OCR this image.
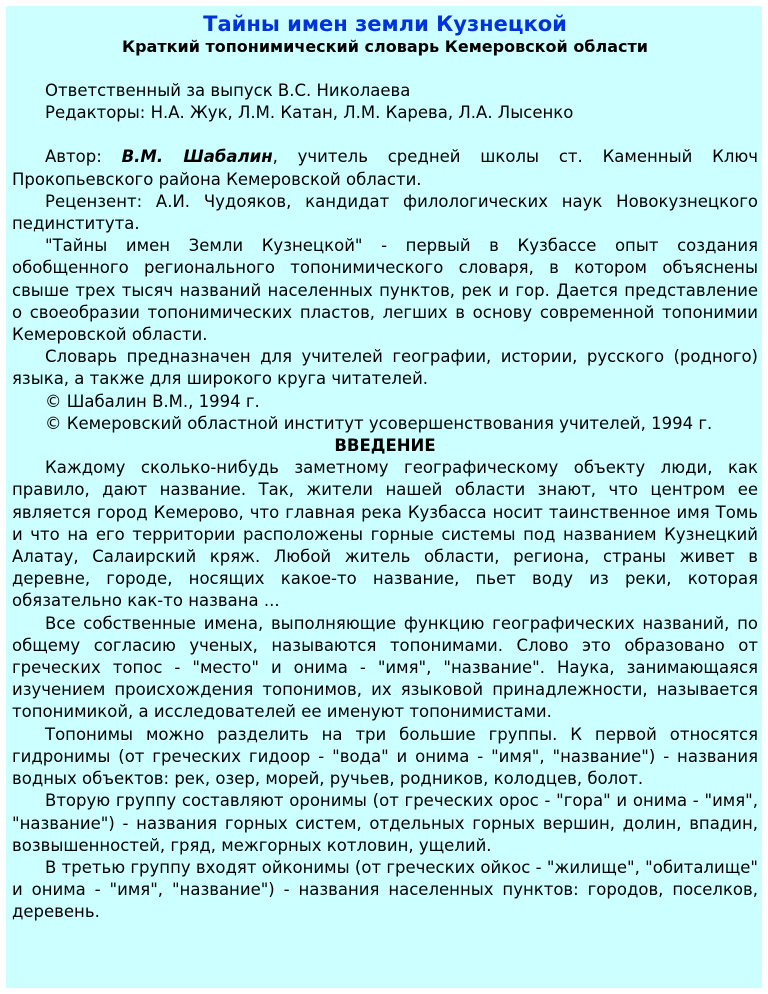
Тайны имен земли Кузнецкой
Краткий топонимический словарь Кемеровской области

Ответственный за выпуск В.С. Николаева

Редакторы: Н.А. Жук, Л.М. Катан, Л.М. Карева, Л.А. Лысенко

Автор: В.М. Шабалин, учитель средней школы ст. Каменный Ключ Прокопьевского района Кемеровской области.

Рецензент: А.И. Чудояков, кандидат филологических наук Новокузнецкого пединститута.

"Тайны имен Земли Кузнецкой" - первый в Кузбассе опыт создания обобщенного регионального топонимического словаря, в котором объяснены свыше трех тысяч названий населенных пунктов, рек и гор. Дается представление о своеобразии топонимических пластов, легших в основу современной топонимии Кемеровской области.

Словарь предназначен для учителей географии, истории, русского (родного) языка, а также для широкого круга читателей.

© Шабалин В.М., 1994 г.

© Кемеровский областной институт усовершенствования учителей, 1994 г.

ВВЕДЕНИЕ

Каждому сколько-нибудь заметному географическому объекту люди, как правило, дают название. Так, жители нашей области знают, что центром ее является город Кемерово, что главная река Кузбасса носит таинственное имя Томь и что на его территории расположены горные системы под названием Кузнецкий Алатау, Салаирский кряж. Любой житель области, региона, страны живет в деревне, городе, носящих какое-то название, пьет воду из реки, которая обязательно как-то названа ...

Все собственные имена, выполняющие функцию географических названий, по общему согласию ученых, называются топонимами. Слово это образовано от греческих топос - "место" и онима - "имя", "название". Наука, занимающаяся изучением происхождения топонимов, их языковой принадлежности, называется топонимикой, а исследователей ее именуют топонимистами.

Топонимы можно разделить на три большие группы. К первой относятся гидронимы (от греческих гидоор - "вода" и онима - "имя", "название") - названия водных объектов: рек, озер, морей, ручьев, родников, колодцев, болот.

Вторую группу составляют оронимы (от греческих орос - "гора" и онима - "имя", "название") - названия горных систем, отдельных горных вершин, долин, впадин, возвышенностей, гряд, межгорных котловин, ущелий.

В третью группу входят ойконимы (от греческих ойкос - "жилище", "обиталище" и онима - "имя", "название") - названия населенных пунктов: городов, поселков, деревень.
